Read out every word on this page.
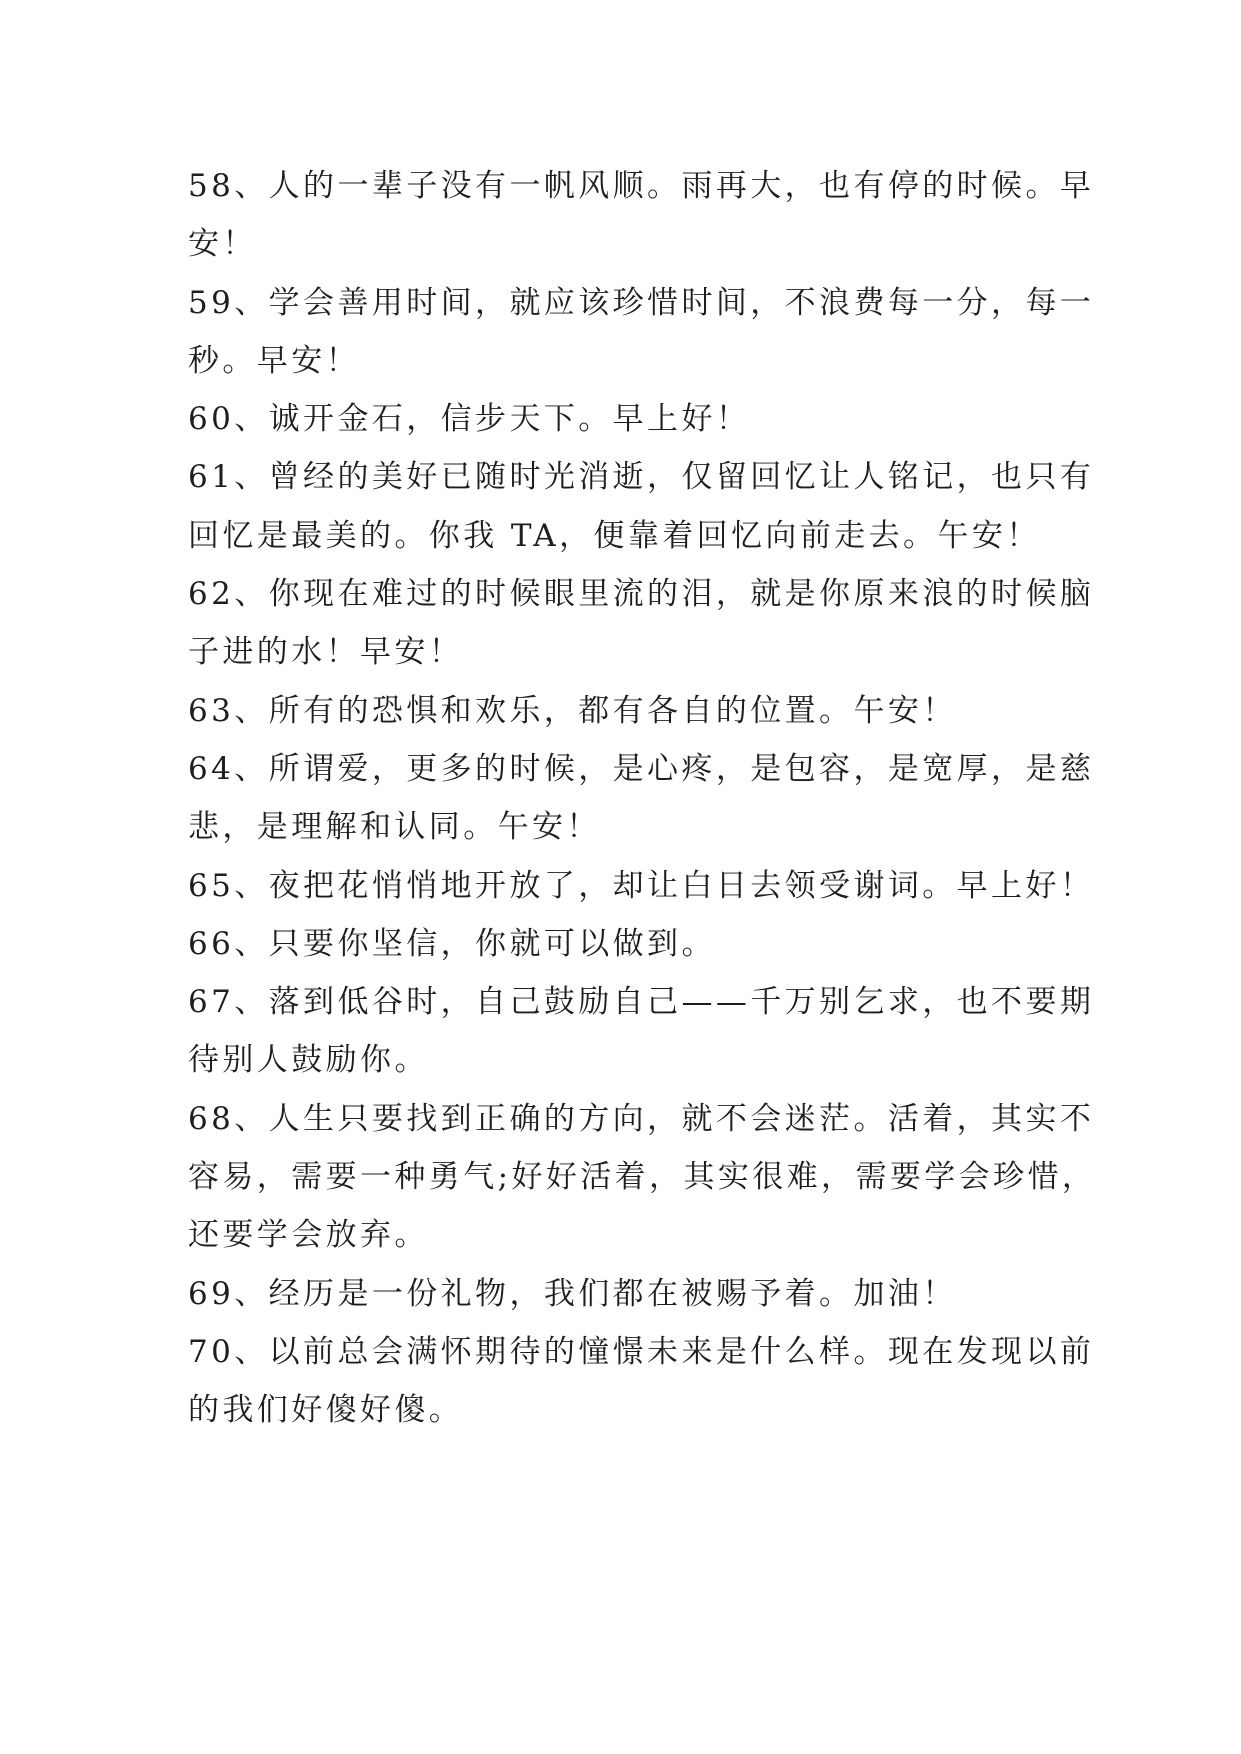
58、人的一辈子没有一帆风顺。雨再大，也有停的时候。早

安！

59、学会善用时间，就应该珍惜时间，不浪费每一分，每一

秒。早安！

60、诚开金石，信步天下。早上好！

61、曾经的美好已随时光消逝，仅留回忆让人铭记，也只有

回忆是最美的。你我 TA，便靠着回忆向前走去。午安！

62、你现在难过的时候眼里流的泪，就是你原来浪的时候脑

子进的水！早安！

63、所有的恐惧和欢乐，都有各自的位置。午安！

64、所谓爱，更多的时候，是心疼，是包容，是宽厚，是慈

悲，是理解和认同。午安！

65、夜把花悄悄地开放了，却让白日去领受谢词。早上好！

66、只要你坚信，你就可以做到。

67、落到低谷时，自己鼓励自己——千万别乞求，也不要期

待别人鼓励你。

68、人生只要找到正确的方向，就不会迷茫。活着，其实不

容易，需要一种勇气;好好活着，其实很难，需要学会珍惜，

还要学会放弃。

69、经历是一份礼物，我们都在被赐予着。加油！

70、以前总会满怀期待的憧憬未来是什么样。现在发现以前

的我们好傻好傻。
